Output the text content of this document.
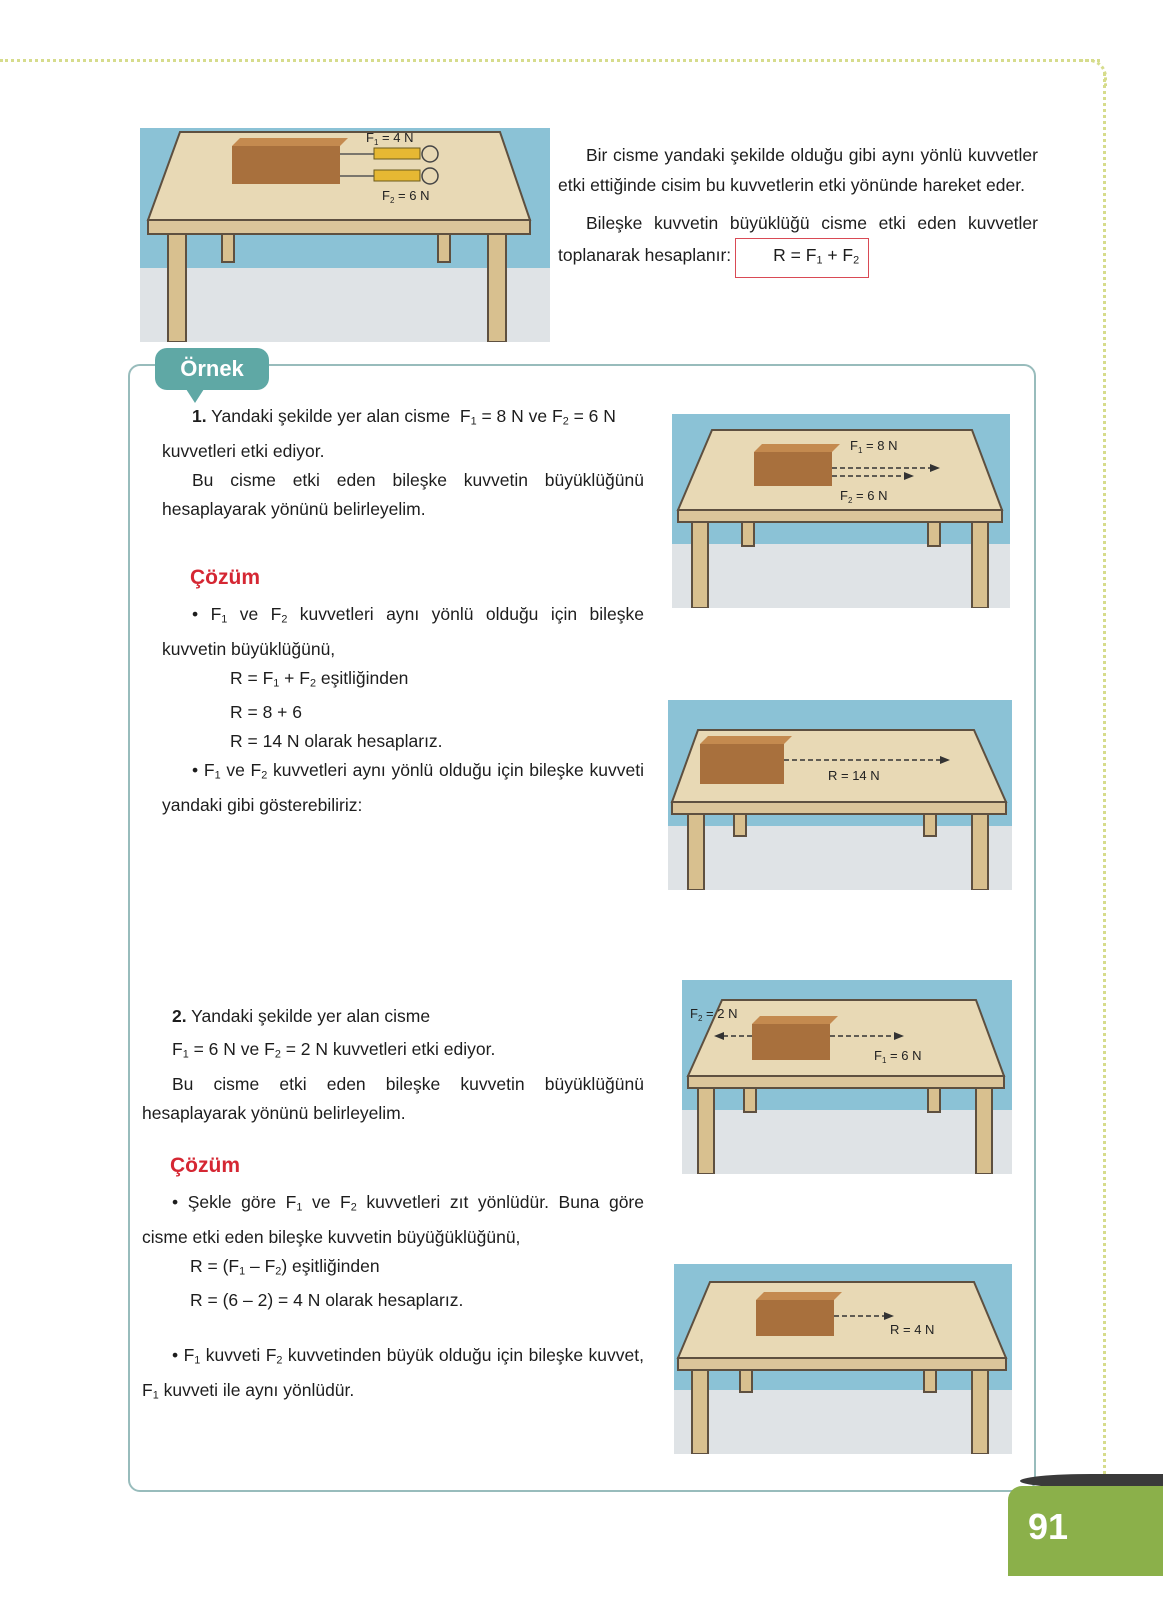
$F_1 = 4$ N
$F_2 = 6$ N

Bir cisme yandaki şekilde olduğu gibi aynı yönlü kuvvetler etki ettiğinde cisim bu kuvvetlerin etki yönünde hareket eder.

Bileşke kuvvetin büyüklüğü cisme etki eden kuvvetler toplanarak hesaplanır: $R = F_1 + F_2$

Örnek

1. Yandaki şekilde yer alan cisme $F_1 = 8$ N ve $F_2 = 6$ N

kuvvetleri etki ediyor.

Bu cisme etki eden bileşke kuvvetin büyüklüğünü hesaplayarak yönünü belirleyelim.

Çözüm

• $F_1$ ve $F_2$ kuvvetleri aynı yönlü olduğu için bileşke kuvvetin büyüklüğünü,

$R = F_1 + F_2$ eşitliğinden
R = 8 + 6
R = 14 N olarak hesaplarız.

• $F_1$ ve $F_2$ kuvvetleri aynı yönlü olduğu için bileşke kuvveti yandaki gibi gösterebiliriz:

$F_1 = 8$ N
$F_2 = 6$ N
R = 14 N

2. Yandaki şekilde yer alan cisme

$F_1 = 6$ N ve $F_2 = 2$ N kuvvetleri etki ediyor.

Bu cisme etki eden bileşke kuvvetin büyüklüğünü hesaplayarak yönünü belirleyelim.

Çözüm

• Şekle göre $F_1$ ve $F_2$ kuvvetleri zıt yönlüdür. Buna göre cisme etki eden bileşke kuvvetin büyüğüklüğünü,

$R = (F_1 - F_2)$ eşitliğinden
R = (6 – 2) = 4 N olarak hesaplarız.

• $F_1$ kuvveti $F_2$ kuvvetinden büyük olduğu için bileşke kuvvet, $F_1$ kuvveti ile aynı yönlüdür.

$F_2 = 2$ N
$F_1 = 6$ N
R = 4 N
91
